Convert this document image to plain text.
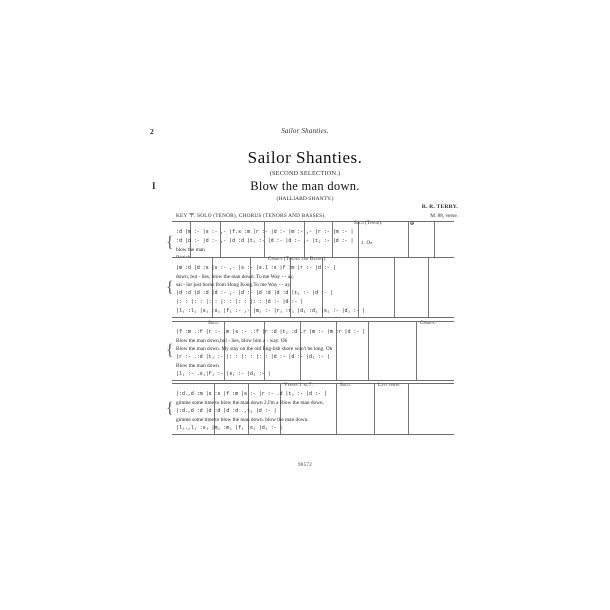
2	Sailor Shanties.
Sailor Shanties.
(SECOND SELECTION.)
I	Blow the man down.
(HALLIARD SHANTY.)
R. R. TERRY.
KEY ℉. SOLO (TENOR), CHORUS (TENORS AND BASSES).	M. 88, verse.
{
Solo (Tenor).	✠
1. Oh
:d |m :- |s :- ,- |f.s :m |r :- |d :- |m :- ,- |r :- |m :- |
:d |d :- |d :- ,- |d :d |t₁ :- |d :- |d :- ,- |t₁ :- |d :- |
blow the man
{
Chorus (Tenors and Basses).
|m :d |d :s |s :- ,- |s :- |s.l :s |f :m |r :- |d :- |
down, but - lies, blow the man down. To me Way - - ay,
sai - lor just horns from Hong Kong.To me Way - - ay,
|d :d |d :d |d :- ,- |d :- |d :d |d :d |t₁ :- |d :- |
|: : |: : |: : |: : |: : |: : |d :- |d :- |
|l₁ :l₁ |s₁ :s₁ |f₁ :- ,- |m₁ :- |r₁ :r₁ |d₁ :d₁ |s₁ :- |d₁ :- |
{
Solo.	Chorus.
|f :m .:f |r :- .m |s :- .:f |r :d |t₁ :d .r |m :- |m :r |d :- |
Blow the man down,bul - lies, blow him a - way. Oh
Blow the man down. My stay on the old Eng-lish shore won't be long. Oh
|r :- .:d |t₁ :- |: : |: : |: : |d :- |d :- |d₁ :- |
Blow the man down.
|l₁ :- .s₁|f₁ :- |s₁ :- |d₁ :- |
{
Verses 1 to 7.	Solo.	Last verse.
|:d.,d :m |s :s |f :m |s :- |r :- .d |t₁ :- |d :- |
gimme some time to blow the man down 2.I'm a Blow the man down.
|:d.,d :d |d :d |d :d .,t₁ |d :- |
gimme some time to blow the man down. blow the man down.
|l₁.,l₁ :s₁ |m₁ :m₁ |f₁ :s₁ |d₁ :- |
90572
